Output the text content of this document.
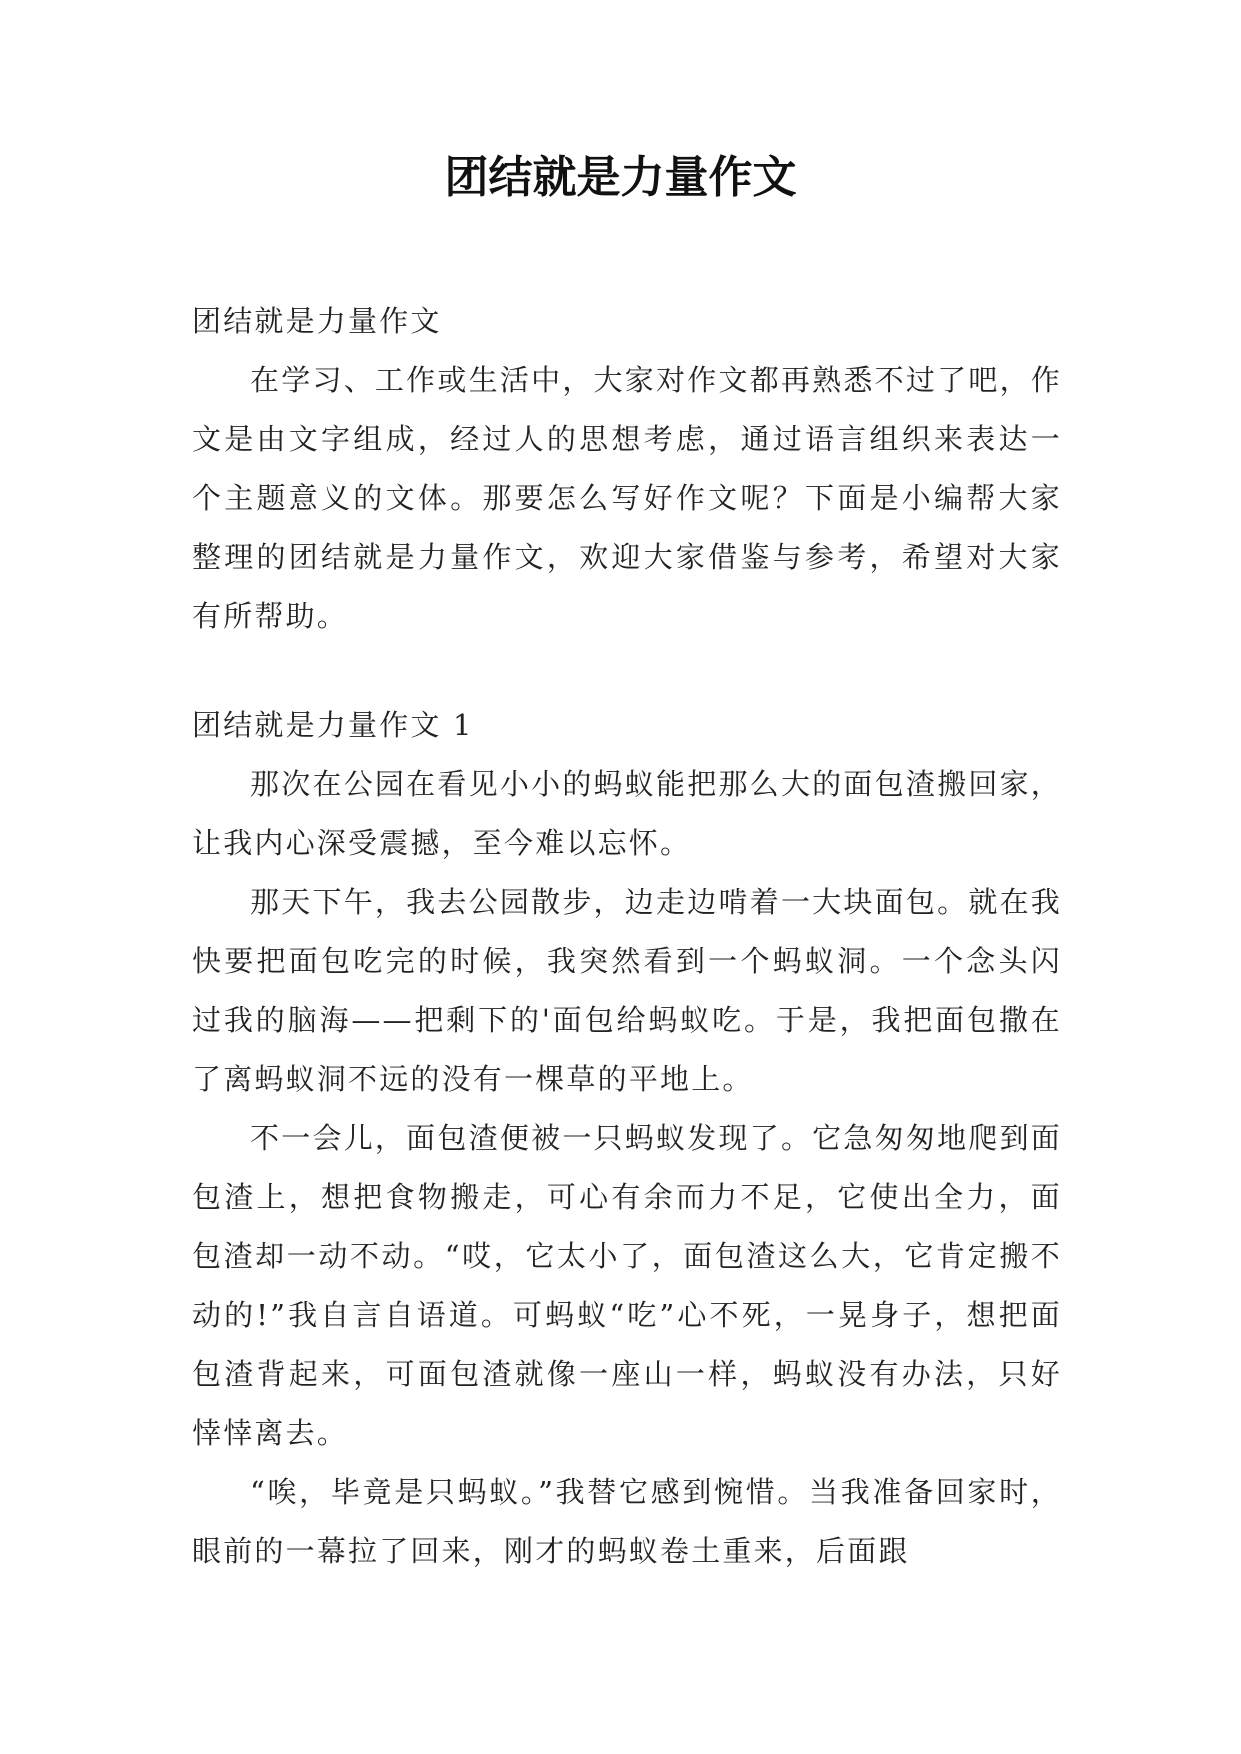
团结就是力量作文

团结就是力量作文

在学习、工作或生活中，大家对作文都再熟悉不过了吧，作文是由文字组成，经过人的思想考虑，通过语言组织来表达一个主题意义的文体。那要怎么写好作文呢？下面是小编帮大家整理的团结就是力量作文，欢迎大家借鉴与参考，希望对大家有所帮助。

团结就是力量作文 1

那次在公园在看见小小的蚂蚁能把那么大的面包渣搬回家，让我内心深受震撼，至今难以忘怀。

那天下午，我去公园散步，边走边啃着一大块面包。就在我快要把面包吃完的时候，我突然看到一个蚂蚁洞。一个念头闪过我的脑海——把剩下的'面包给蚂蚁吃。于是，我把面包撒在了离蚂蚁洞不远的没有一棵草的平地上。

不一会儿，面包渣便被一只蚂蚁发现了。它急匆匆地爬到面包渣上，想把食物搬走，可心有余而力不足，它使出全力，面包渣却一动不动。“哎，它太小了，面包渣这么大，它肯定搬不动的!”我自言自语道。可蚂蚁“吃”心不死，一晃身子，想把面包渣背起来，可面包渣就像一座山一样，蚂蚁没有办法，只好悻悻离去。

“唉，毕竟是只蚂蚁。”我替它感到惋惜。当我准备回家时，眼前的一幕拉了回来，刚才的蚂蚁卷土重来，后面跟
